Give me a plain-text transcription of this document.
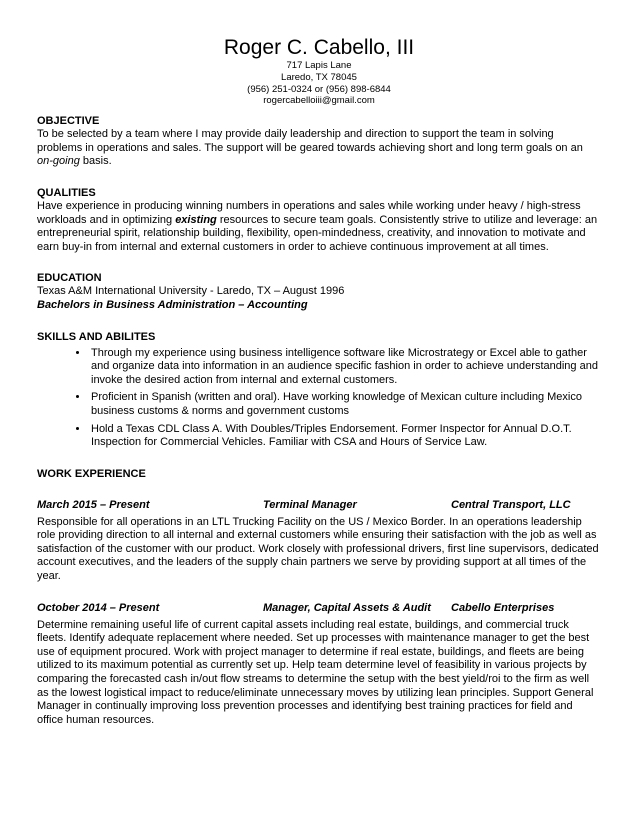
Roger C. Cabello, III
717 Lapis Lane
Laredo, TX 78045
(956) 251-0324 or (956) 898-6844
rogercabelloiii@gmail.com

OBJECTIVE

To be selected by a team where I may provide daily leadership and direction to support the team in solving problems in operations and sales. The support will be geared towards achieving short and long term goals on an on-going basis.

QUALITIES

Have experience in producing winning numbers in operations and sales while working under heavy / high-stress workloads and in optimizing existing resources to secure team goals. Consistently strive to utilize and leverage: an entrepreneurial spirit, relationship building, flexibility, open-mindedness, creativity, and innovation to motivate and earn buy-in from internal and external customers in order to achieve continuous improvement at all times.

EDUCATION

Texas A&M International University - Laredo, TX – August 1996

Bachelors in Business Administration – Accounting

SKILLS AND ABILITES

• Through my experience using business intelligence software like Microstrategy or Excel able to gather and organize data into information in an audience specific fashion in order to achieve understanding and invoke the desired action from internal and external customers.
• Proficient in Spanish (written and oral). Have working knowledge of Mexican culture including Mexico business customs & norms and government customs
• Hold a Texas CDL Class A. With Doubles/Triples Endorsement. Former Inspector for Annual D.O.T. Inspection for Commercial Vehicles. Familiar with CSA and Hours of Service Law.

WORK EXPERIENCE

March 2015 – Present	Terminal Manager	Central Transport, LLC

Responsible for all operations in an LTL Trucking Facility on the US / Mexico Border. In an operations leadership role providing direction to all internal and external customers while ensuring their satisfaction with the job as well as satisfaction of the customer with our product. Work closely with professional drivers, first line supervisors, dedicated account executives, and the leaders of the supply chain partners we serve by providing support at all times of the year.

October 2014 – Present	Manager, Capital Assets & Audit	Cabello Enterprises

Determine remaining useful life of current capital assets including real estate, buildings, and commercial truck fleets. Identify adequate replacement where needed. Set up processes with maintenance manager to get the best use of equipment procured. Work with project manager to determine if real estate, buildings, and fleets are being utilized to its maximum potential as currently set up. Help team determine level of feasibility in various projects by comparing the forecasted cash in/out flow streams to determine the setup with the best yield/roi to the firm as well as the lowest logistical impact to reduce/eliminate unnecessary moves by utilizing lean principles. Support General Manager in continually improving loss prevention processes and identifying best training practices for field and office human resources.
